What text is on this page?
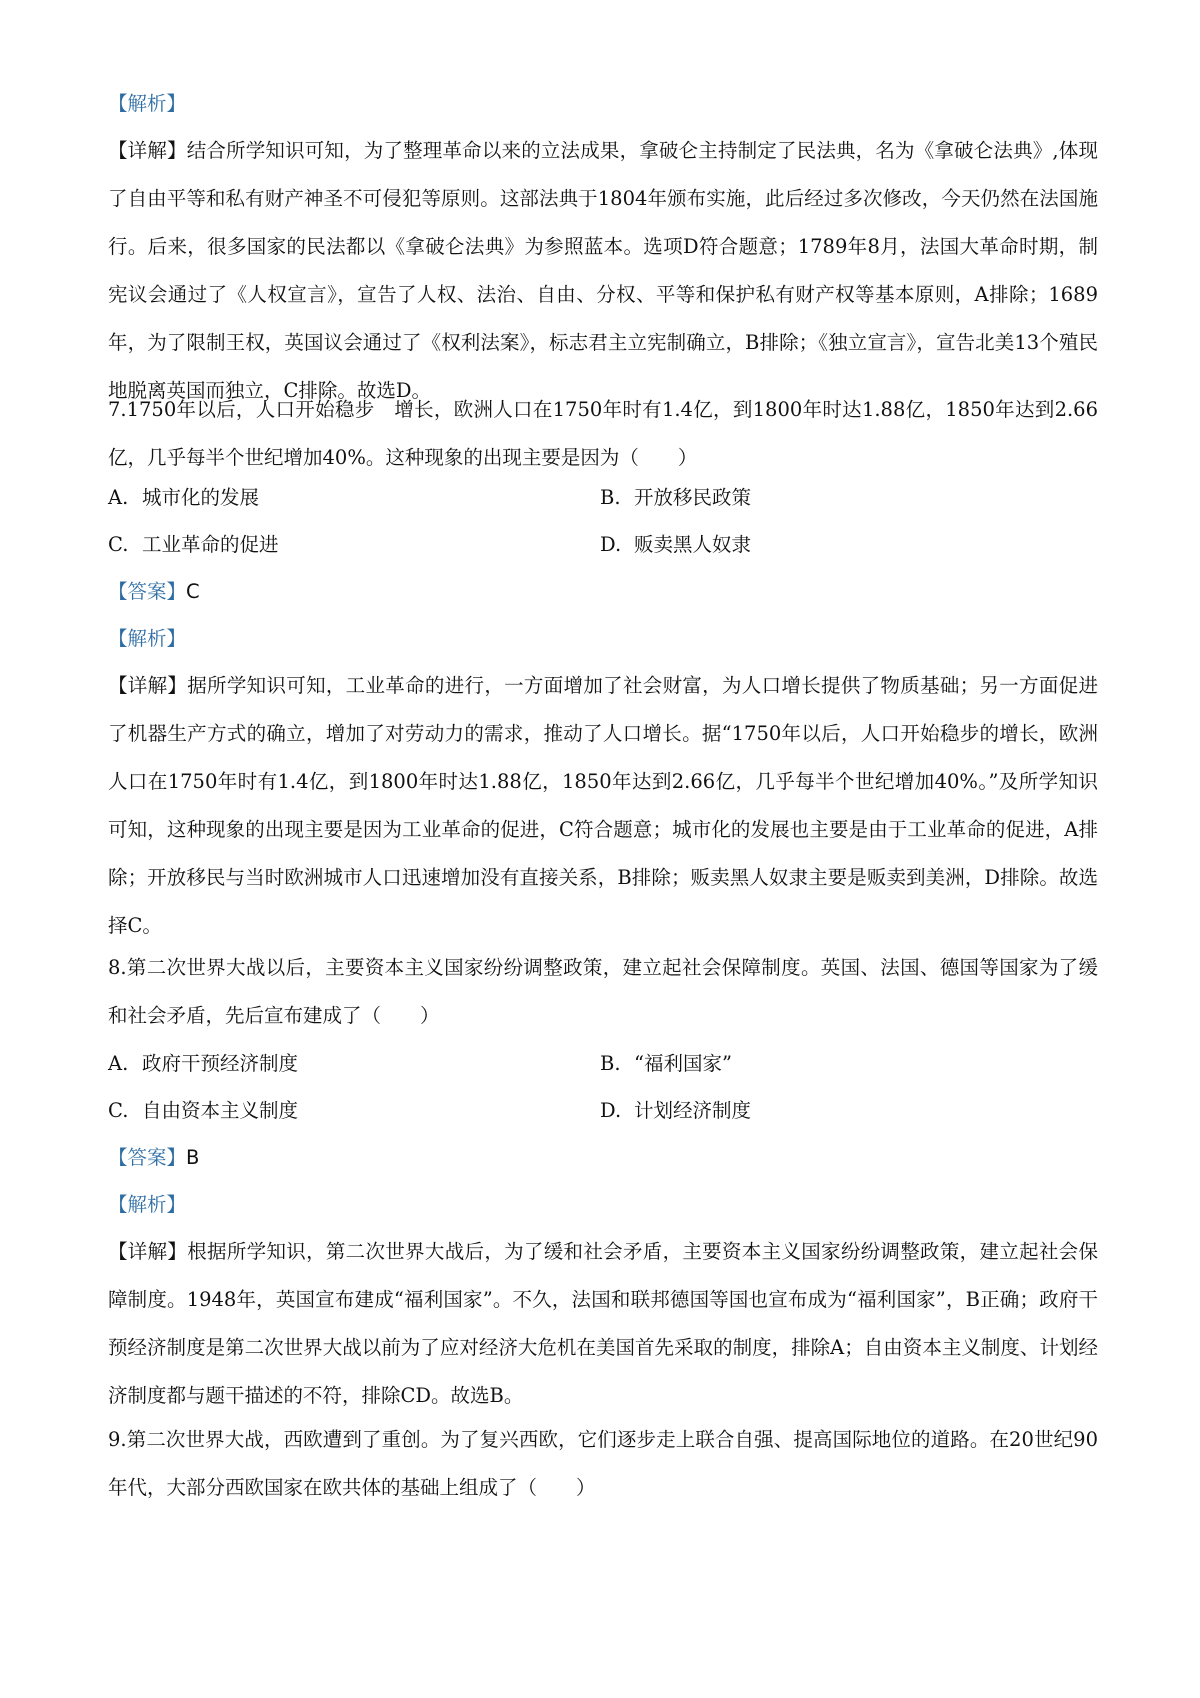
【解析】
【详解】结合所学知识可知，为了整理革命以来的立法成果，拿破仑主持制定了民法典，名为《拿破仑法典》,体现了自由平等和私有财产神圣不可侵犯等原则。这部法典于1804年颁布实施，此后经过多次修改，今天仍然在法国施行。后来，很多国家的民法都以《拿破仑法典》为参照蓝本。选项D符合题意；1789年8月，法国大革命时期，制宪议会通过了《人权宣言》，宣告了人权、法治、自由、分权、平等和保护私有财产权等基本原则，A排除；1689年，为了限制王权，英国议会通过了《权利法案》，标志君主立宪制确立，B排除；《独立宣言》，宣告北美13个殖民地脱离英国而独立，C排除。故选D。
7.1750年以后，人口开始稳步　增长，欧洲人口在1750年时有1.4亿，到1800年时达1.88亿，1850年达到2.66亿，几乎每半个世纪增加40%。这种现象的出现主要是因为（　　）
A. 城市化的发展	B. 开放移民政策
C. 工业革命的促进	D. 贩卖黑人奴隶
【答案】C
【解析】
【详解】据所学知识可知，工业革命的进行，一方面增加了社会财富，为人口增长提供了物质基础；另一方面促进了机器生产方式的确立，增加了对劳动力的需求，推动了人口增长。据“1750年以后，人口开始稳步的增长，欧洲人口在1750年时有1.4亿，到1800年时达1.88亿，1850年达到2.66亿，几乎每半个世纪增加40%。”及所学知识可知，这种现象的出现主要是因为工业革命的促进，C符合题意；城市化的发展也主要是由于工业革命的促进，A排除；开放移民与当时欧洲城市人口迅速增加没有直接关系，B排除；贩卖黑人奴隶主要是贩卖到美洲，D排除。故选择C。
8.第二次世界大战以后，主要资本主义国家纷纷调整政策，建立起社会保障制度。英国、法国、德国等国家为了缓和社会矛盾，先后宣布建成了（　　）
A. 政府干预经济制度	B. “福利国家”
C. 自由资本主义制度	D. 计划经济制度
【答案】B
【解析】
【详解】根据所学知识，第二次世界大战后，为了缓和社会矛盾，主要资本主义国家纷纷调整政策，建立起社会保障制度。1948年，英国宣布建成“福利国家”。不久，法国和联邦德国等国也宣布成为“福利国家”，B正确；政府干预经济制度是第二次世界大战以前为了应对经济大危机在美国首先采取的制度，排除A；自由资本主义制度、计划经济制度都与题干描述的不符，排除CD。故选B。
9.第二次世界大战，西欧遭到了重创。为了复兴西欧，它们逐步走上联合自强、提高国际地位的道路。在20世纪90年代，大部分西欧国家在欧共体的基础上组成了（　　）
